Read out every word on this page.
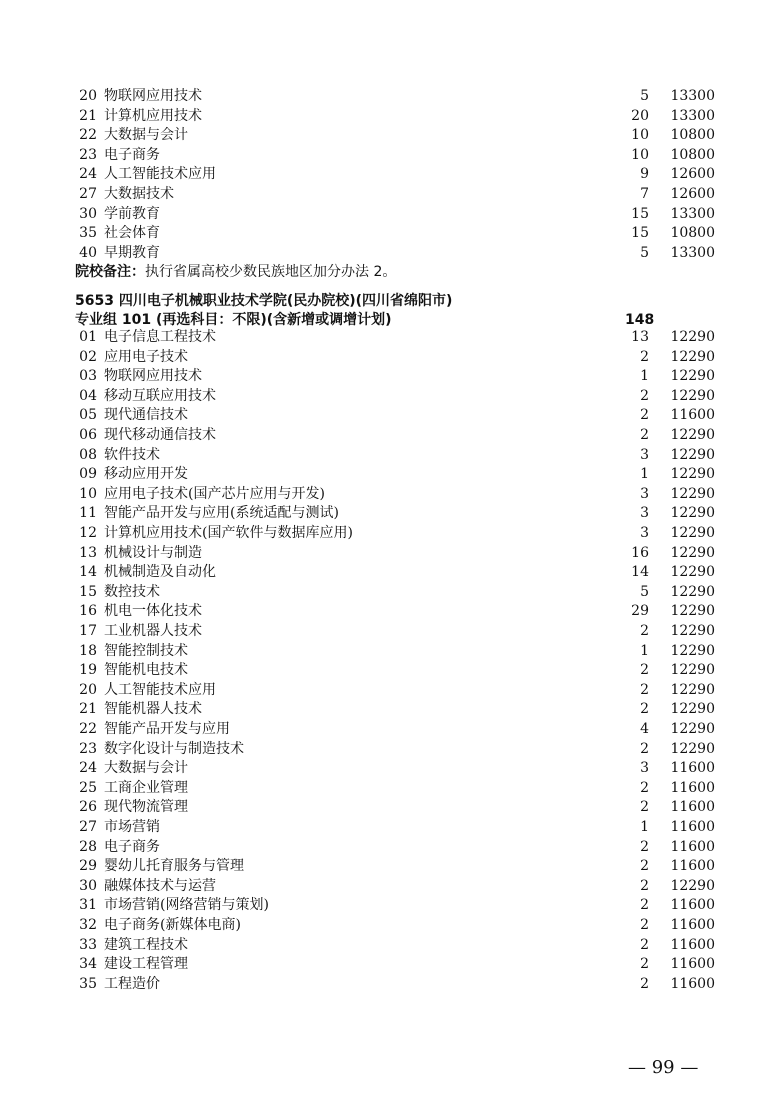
20 物联网应用技术	5 13300
21 计算机应用技术	20 13300
22 大数据与会计	10 10800
23 电子商务	10 10800
24 人工智能技术应用	9 12600
27 大数据技术	7 12600
30 学前教育	15 13300
35 社会体育	15 10800
40 早期教育	5 13300
院校备注：执行省属高校少数民族地区加分办法 2。
5653 四川电子机械职业技术学院(民办院校)(四川省绵阳市)
专业组 101 (再选科目：不限)(含新增或调增计划)	148
01 电子信息工程技术	13 12290
02 应用电子技术	2 12290
03 物联网应用技术	1 12290
04 移动互联应用技术	2 12290
05 现代通信技术	2 11600
06 现代移动通信技术	2 12290
08 软件技术	3 12290
09 移动应用开发	1 12290
10 应用电子技术(国产芯片应用与开发)	3 12290
11 智能产品开发与应用(系统适配与测试)	3 12290
12 计算机应用技术(国产软件与数据库应用)	3 12290
13 机械设计与制造	16 12290
14 机械制造及自动化	14 12290
15 数控技术	5 12290
16 机电一体化技术	29 12290
17 工业机器人技术	2 12290
18 智能控制技术	1 12290
19 智能机电技术	2 12290
20 人工智能技术应用	2 12290
21 智能机器人技术	2 12290
22 智能产品开发与应用	4 12290
23 数字化设计与制造技术	2 12290
24 大数据与会计	3 11600
25 工商企业管理	2 11600
26 现代物流管理	2 11600
27 市场营销	1 11600
28 电子商务	2 11600
29 婴幼儿托育服务与管理	2 11600
30 融媒体技术与运营	2 12290
31 市场营销(网络营销与策划)	2 11600
32 电子商务(新媒体电商)	2 11600
33 建筑工程技术	2 11600
34 建设工程管理	2 11600
35 工程造价	2 11600
— 99 —
